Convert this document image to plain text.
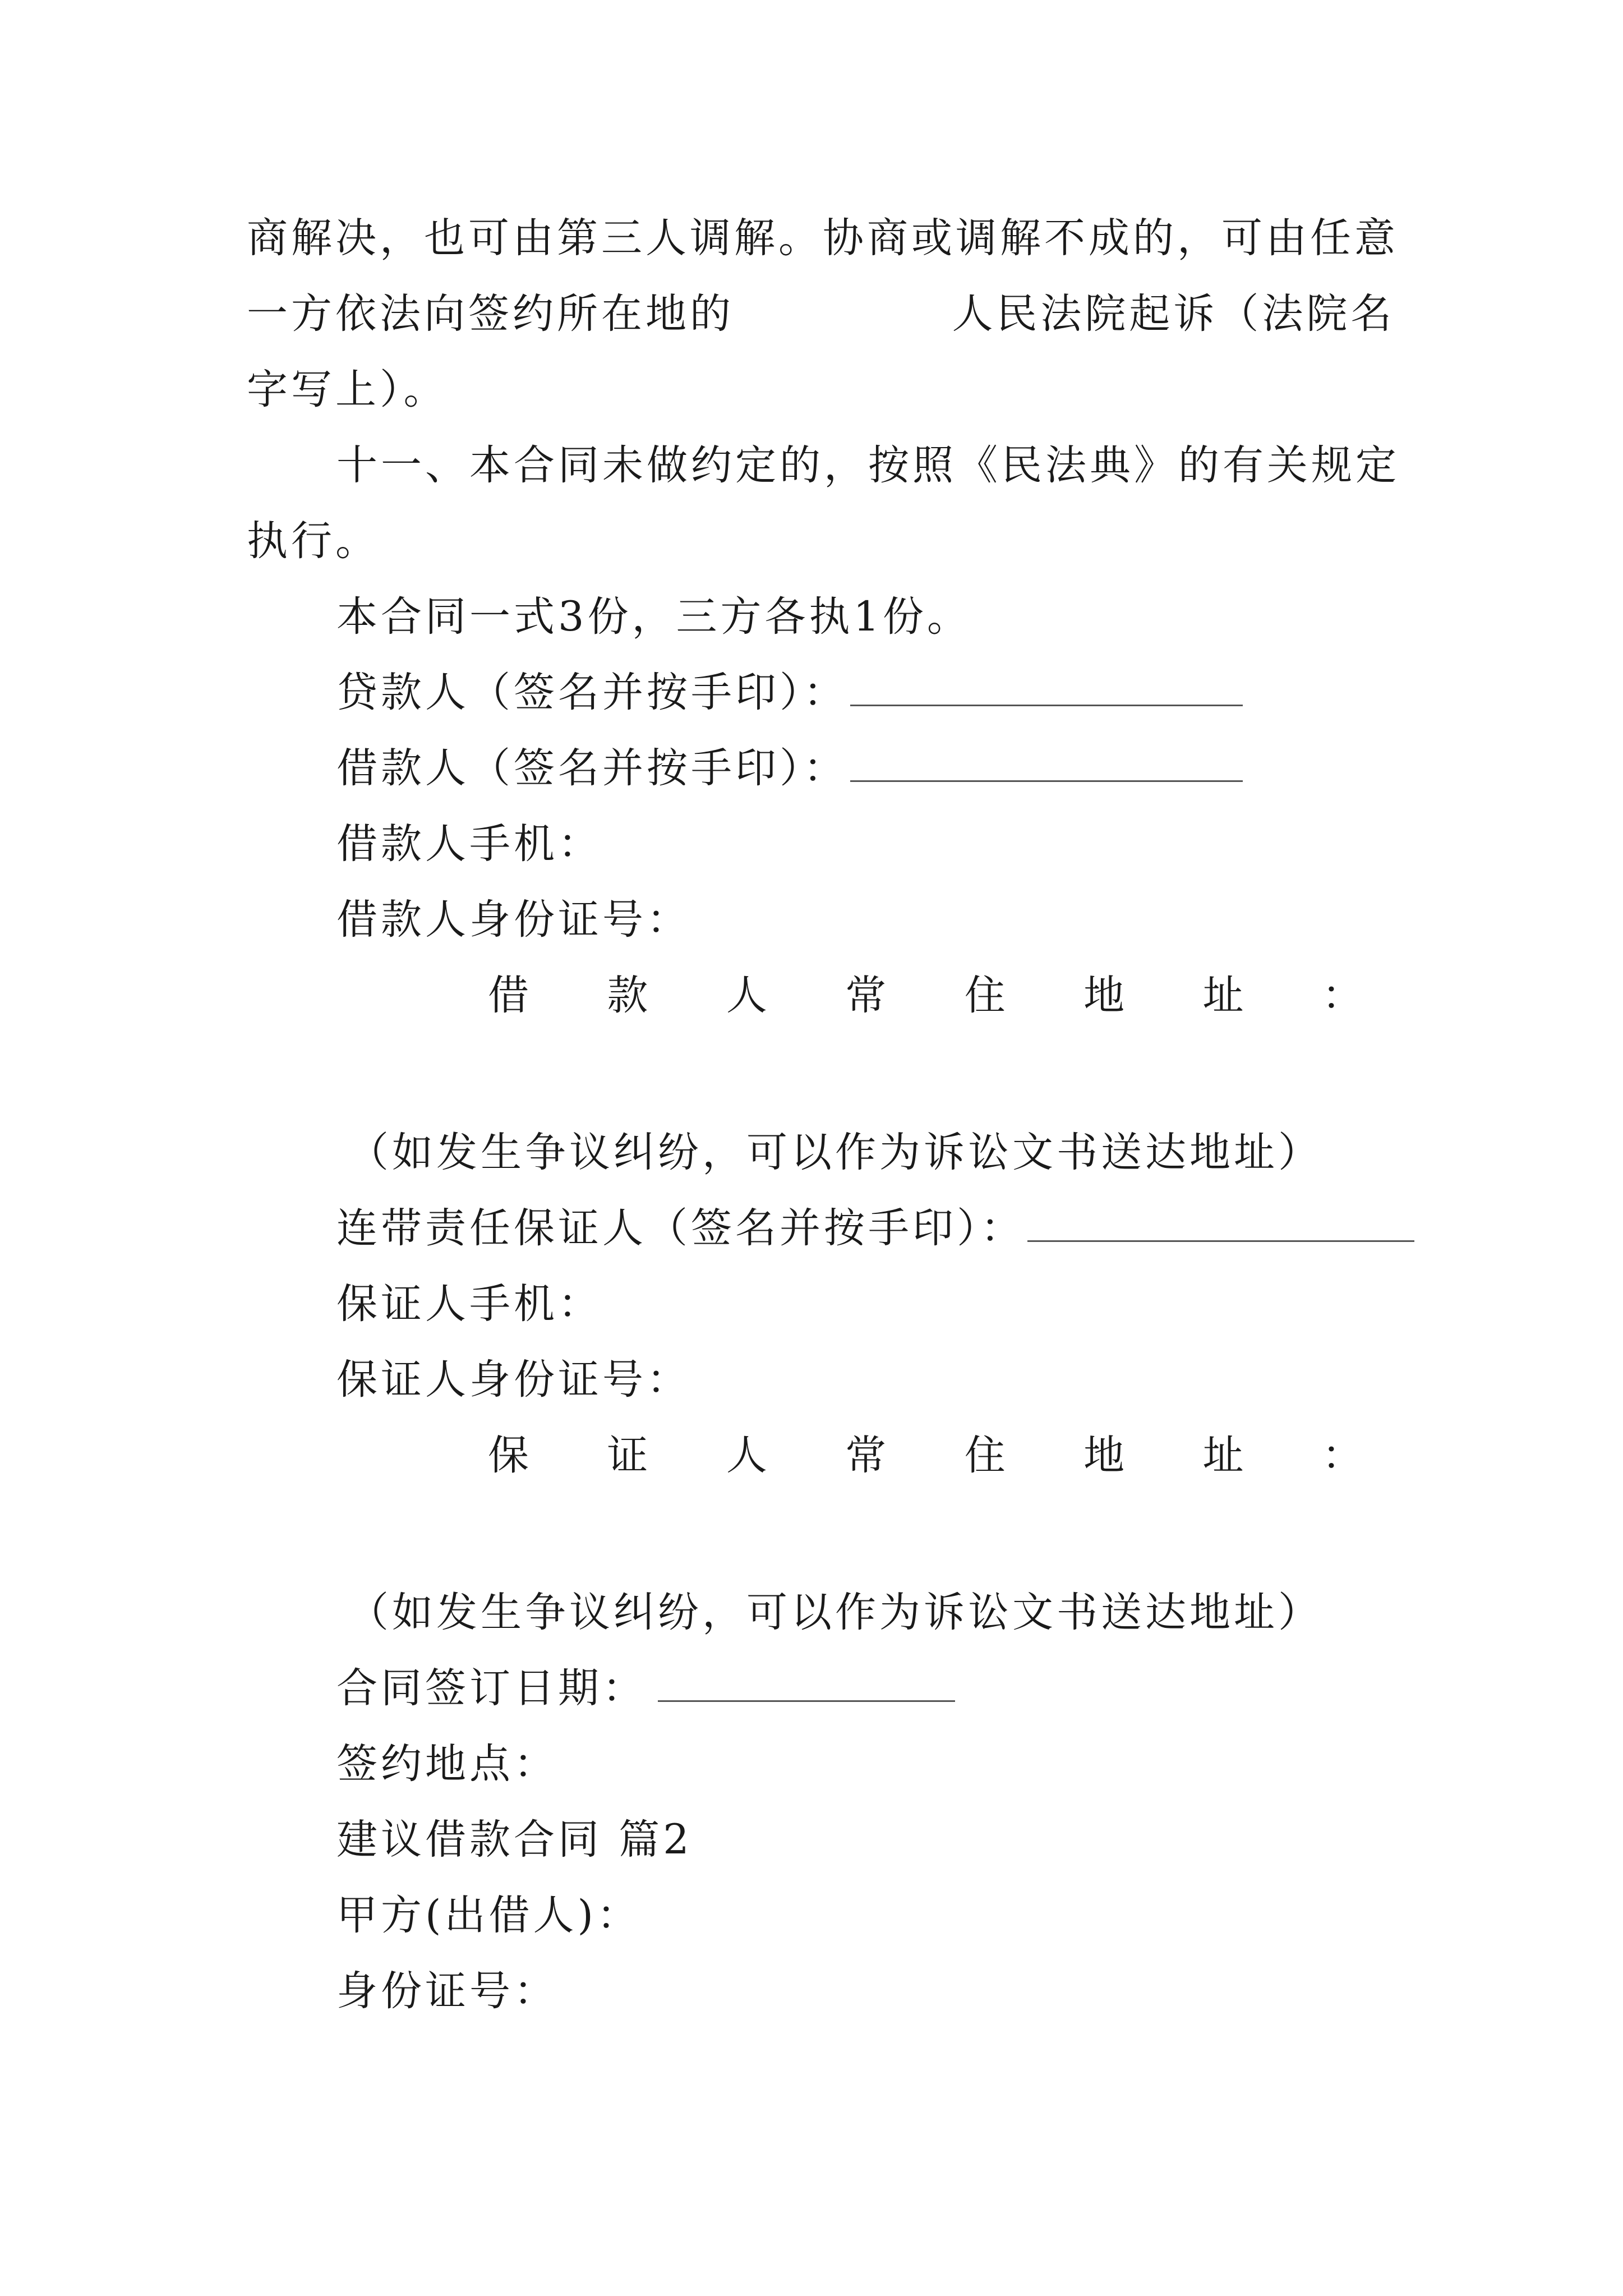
商解决，也可由第三人调解。协商或调解不成的，可由任意
一方依法向签约所在地的	人民法院起诉（法院名
字写上）。
十一、本合同未做约定的，按照《民法典》的有关规定
执行。
本合同一式3份，三方各执1份。
贷款人（签名并按手印）：
借款人（签名并按手印）：
借款人手机：
借款人身份证号：
借 款 人 常 住 地 址 ：
（如发生争议纠纷，可以作为诉讼文书送达地址）
连带责任保证人（签名并按手印）：
保证人手机：
保证人身份证号：
保 证 人 常 住 地 址 ：
（如发生争议纠纷，可以作为诉讼文书送达地址）
合同签订日期：
签约地点：
建议借款合同 篇2
甲方(出借人)：
身份证号：
